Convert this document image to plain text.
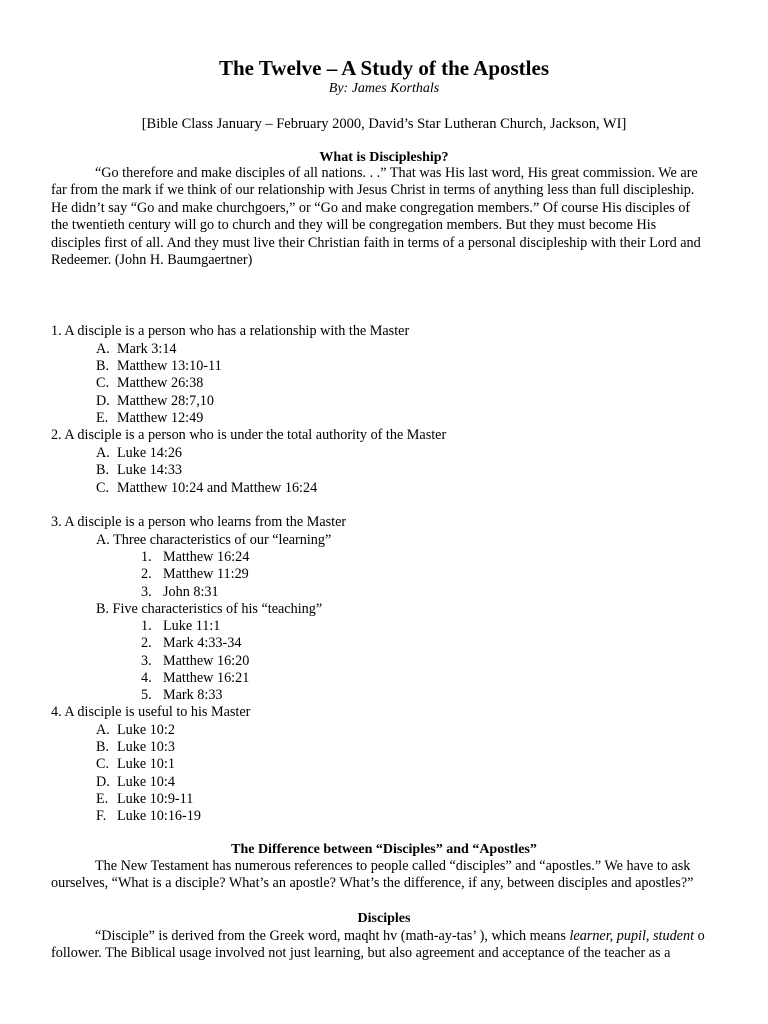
The Twelve – A Study of the Apostles
By: James Korthals
[Bible Class January – February 2000, David’s Star Lutheran Church, Jackson, WI]
What is Discipleship?
“Go therefore and make disciples of all nations. . .” That was His last word, His great commission. We are
far from the mark if we think of our relationship with Jesus Christ in terms of anything less than full discipleship.
He didn’t say “Go and make churchgoers,” or “Go and make congregation members.” Of course His disciples of
the twentieth century will go to church and they will be congregation members. But they must become His
disciples first of all. And they must live their Christian faith in terms of a personal discipleship with their Lord and
Redeemer. (John H. Baumgaertner)
1. A disciple is a person who has a relationship with the Master
A. Mark 3:14
B. Matthew 13:10-11
C. Matthew 26:38
D. Matthew 28:7,10
E. Matthew 12:49
2. A disciple is a person who is under the total authority of the Master
A. Luke 14:26
B. Luke 14:33
C. Matthew 10:24 and Matthew 16:24
3. A disciple is a person who learns from the Master
A. Three characteristics of our “learning”
1. Matthew 16:24
2. Matthew 11:29
3. John 8:31
B. Five characteristics of his “teaching”
1. Luke 11:1
2. Mark 4:33-34
3. Matthew 16:20
4. Matthew 16:21
5. Mark 8:33
4. A disciple is useful to his Master
A. Luke 10:2
B. Luke 10:3
C. Luke 10:1
D. Luke 10:4
E. Luke 10:9-11
F. Luke 10:16-19
The Difference between “Disciples” and “Apostles”
The New Testament has numerous references to people called “disciples” and “apostles.” We have to ask
ourselves, “What is a disciple? What’s an apostle? What’s the difference, if any, between disciples and apostles?”
Disciples
“Disciple” is derived from the Greek word, maqht hv (math-ay-tas’ ), which means learner, pupil, student o
follower. The Biblical usage involved not just learning, but also agreement and acceptance of the teacher as a
